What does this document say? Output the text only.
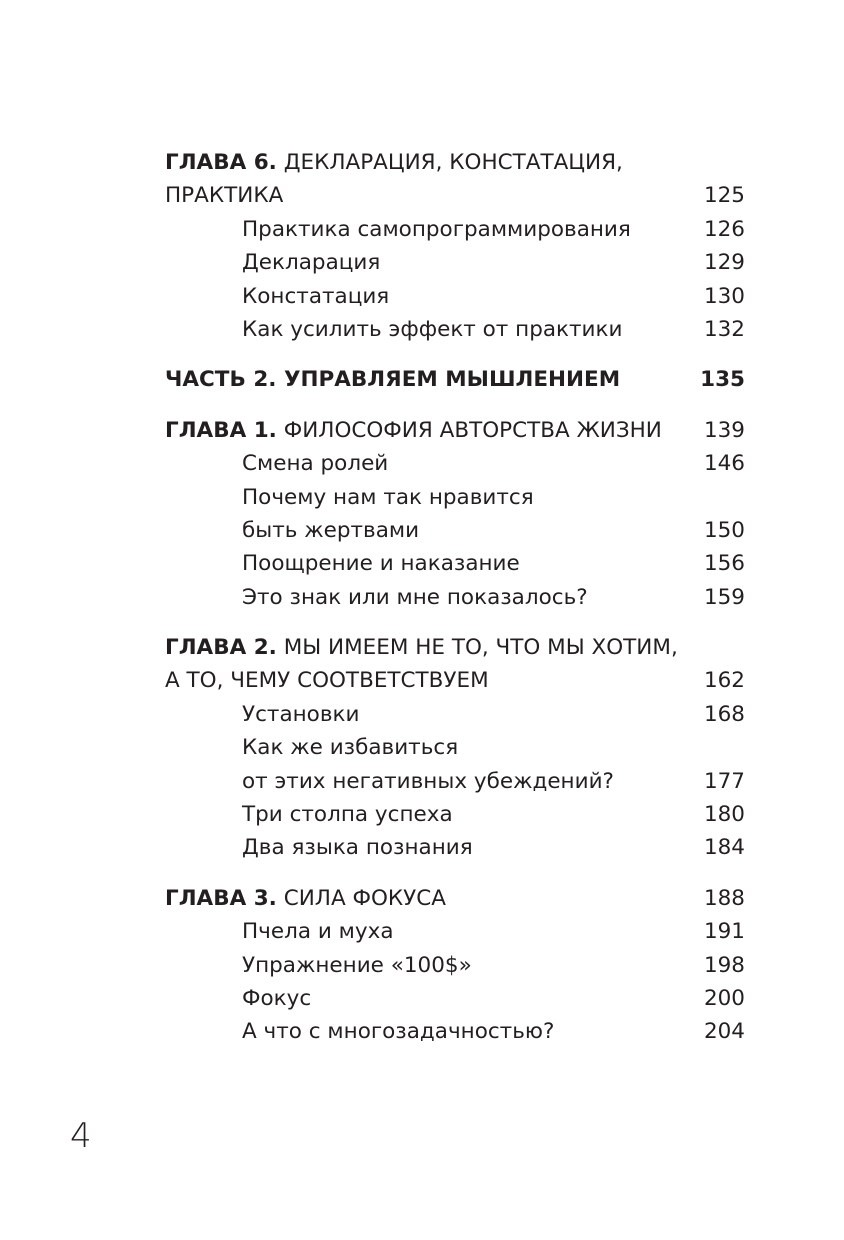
ГЛАВА 6. ДЕКЛАРАЦИЯ, КОНСТАТАЦИЯ,
ПРАКТИКА	125
Практика самопрограммирования	126
Декларация	129
Констатация	130
Как усилить эффект от практики	132
ЧАСТЬ 2. УПРАВЛЯЕМ МЫШЛЕНИЕМ	135
ГЛАВА 1. ФИЛОСОФИЯ АВТОРСТВА ЖИЗНИ 139
Смена ролей	146
Почему нам так нравится
быть жертвами	150
Поощрение и наказание	156
Это знак или мне показалось?	159
ГЛАВА 2. МЫ ИМЕЕМ НЕ ТО, ЧТО МЫ ХОТИМ,
А ТО, ЧЕМУ СООТВЕТСТВУЕМ	162
Установки	168
Как же избавиться
от этих негативных убеждений?	177
Три столпа успеха	180
Два языка познания	184
ГЛАВА 3. СИЛА ФОКУСА	188
Пчела и муха	191
Упражнение «100$»	198
Фокус	200
А что с многозадачностью?	204
4
